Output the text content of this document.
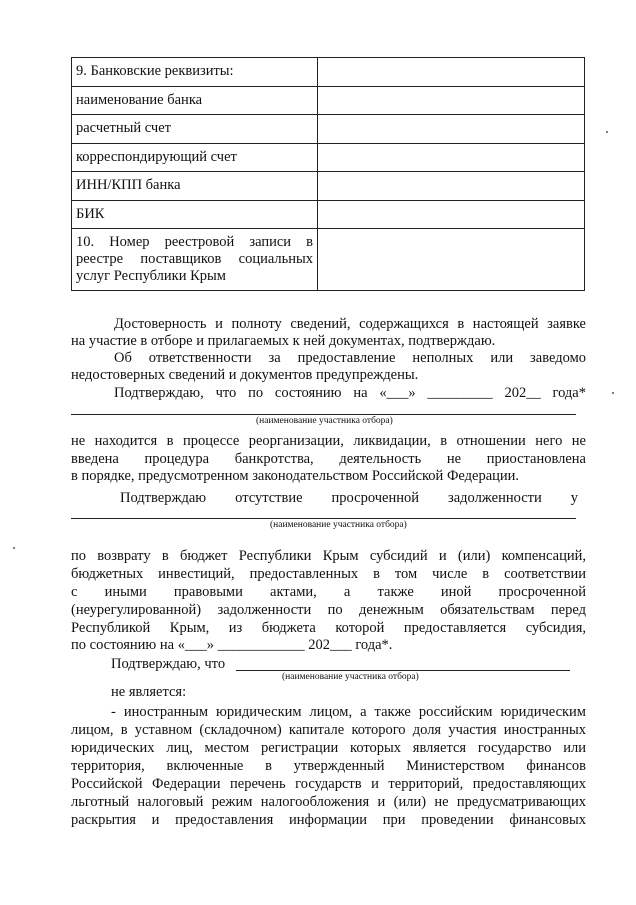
9. Банковские реквизиты:	
наименование банка	
расчетный счет	
корреспондирующий счет	
ИНН/КПП банка	
БИК	

10. Номер реестровой записи в
реестре поставщиков социальных
услуг Республики Крым	

Достоверность и полноту сведений, содержащихся в настоящей заявке
на участие в отборе и прилагаемых к ней документах, подтверждаю.
Об ответственности за предоставление неполных или заведомо
недостоверных сведений и документов предупреждены.
Подтверждаю, что по состоянию на «___» _________ 202__ года*
(наименование участника отбора)
не находится в процессе реорганизации, ликвидации, в отношении него не
введена процедура банкротства, деятельность не приостановлена
в порядке, предусмотренном законодательством Российской Федерации.
Подтверждаю отсутствие просроченной задолженности у
(наименование участника отбора)
по возврату в бюджет Республики Крым субсидий и (или) компенсаций,
бюджетных инвестиций, предоставленных в том числе в соответствии
с иными правовыми актами, а также иной просроченной
(неурегулированной) задолженности по денежным обязательствам перед
Республикой Крым, из бюджета которой предоставляется субсидия,
по состоянию на «___» ____________ 202___ года*.
Подтверждаю, что
(наименование участника отбора)
не является:
- иностранным юридическим лицом, а также российским юридическим
лицом, в уставном (складочном) капитале которого доля участия иностранных
юридических лиц, местом регистрации которых является государство или
территория, включенные в утвержденный Министерством финансов
Российской Федерации перечень государств и территорий, предоставляющих
льготный налоговый режим налогообложения и (или) не предусматривающих
раскрытия и предоставления информации при проведении финансовых
